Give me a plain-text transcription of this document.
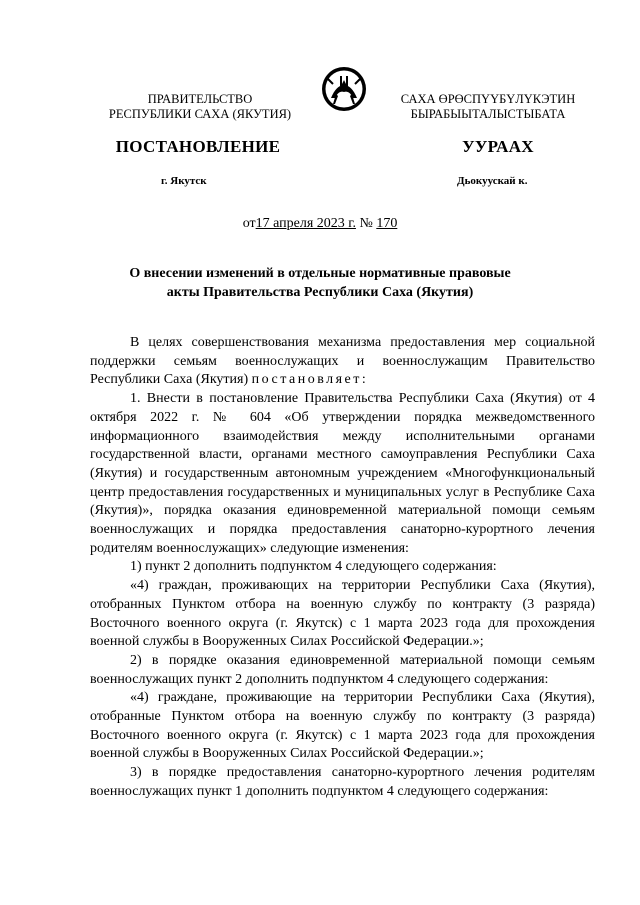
ПРАВИТЕЛЬСТВО
РЕСПУБЛИКИ САХА (ЯКУТИЯ)
САХА ӨРӨСПҮҮБҮЛҮКЭТИН
БЫРАБЫЫТАЛЫСТЫБАТА
ПОСТАНОВЛЕНИЕ	УУРААХ
г. Якутск	Дьокуускай к.
от17 апреля 2023 г. № 170
О внесении изменений в отдельные нормативные правовые
акты Правительства Республики Саха (Якутия)

В целях совершенствования механизма предоставления мер социальной поддержки семьям военнослужащих и военнослужащим Правительство Республики Саха (Якутия) постановляет:

1. Внести в постановление Правительства Республики Саха (Якутия) от 4 октября 2022 г. № 604 «Об утверждении порядка межведомственного информационного взаимодействия между исполнительными органами государственной власти, органами местного самоуправления Республики Саха (Якутия) и государственным автономным учреждением «Многофункциональный центр предоставления государственных и муниципальных услуг в Республике Саха (Якутия)», порядка оказания единовременной материальной помощи семьям военнослужащих и порядка предоставления санаторно-курортного лечения родителям военнослужащих» следующие изменения:

1) пункт 2 дополнить подпунктом 4 следующего содержания:

«4) граждан, проживающих на территории Республики Саха (Якутия), отобранных Пунктом отбора на военную службу по контракту (3 разряда) Восточного военного округа (г. Якутск) с 1 марта 2023 года для прохождения военной службы в Вооруженных Силах Российской Федерации.»;

2) в порядке оказания единовременной материальной помощи семьям военнослужащих пункт 2 дополнить подпунктом 4 следующего содержания:

«4) граждане, проживающие на территории Республики Саха (Якутия), отобранные Пунктом отбора на военную службу по контракту (3 разряда) Восточного военного округа (г. Якутск) с 1 марта 2023 года для прохождения военной службы в Вооруженных Силах Российской Федерации.»;

3) в порядке предоставления санаторно-курортного лечения родителям военнослужащих пункт 1 дополнить подпунктом 4 следующего содержания:
